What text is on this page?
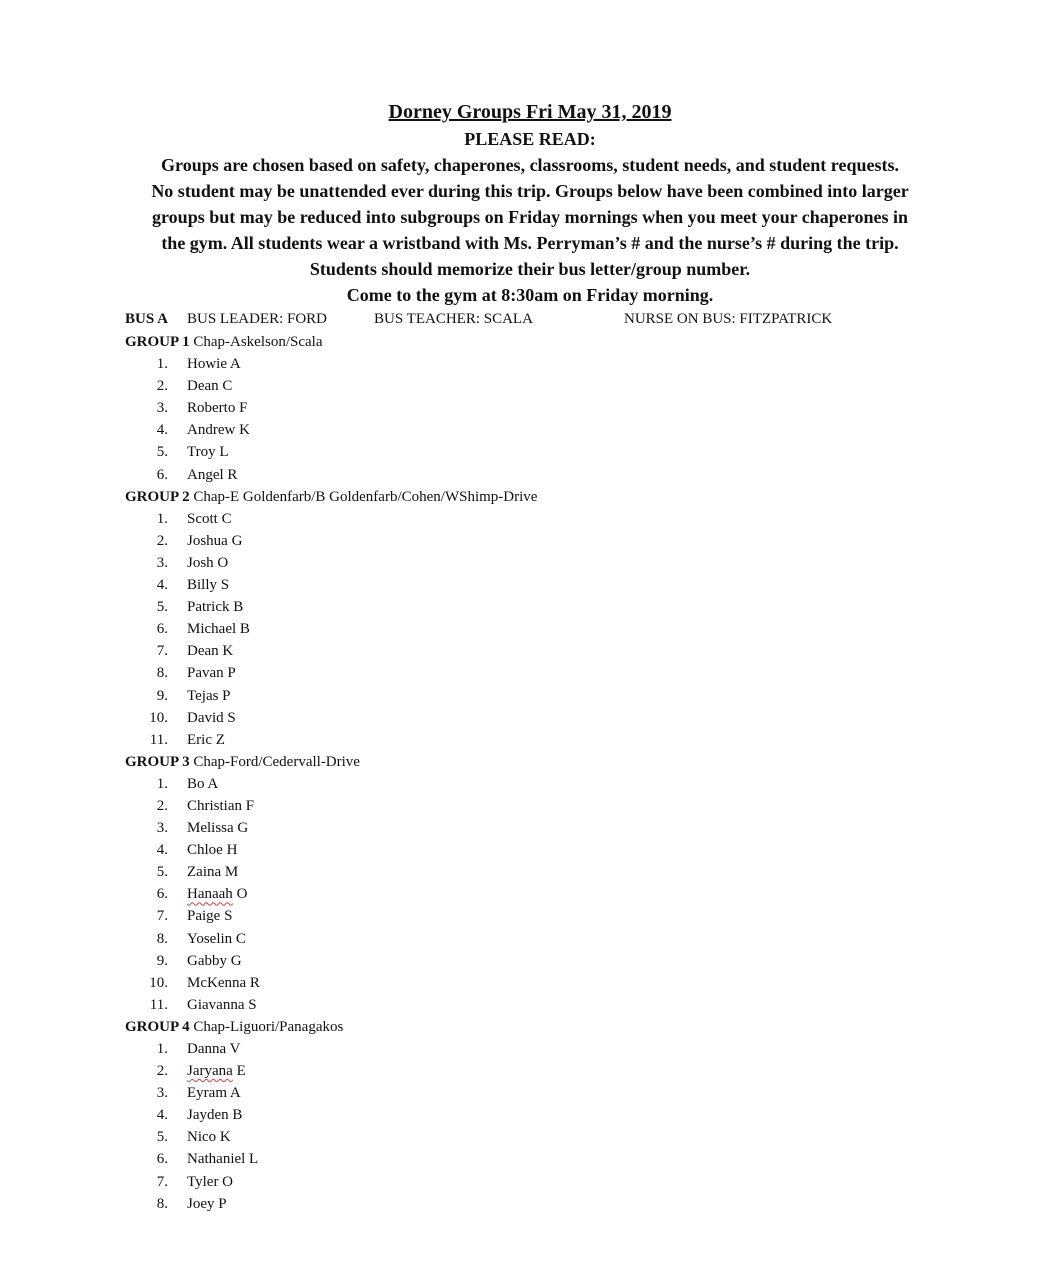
Dorney Groups Fri May 31, 2019
PLEASE READ:
Groups are chosen based on safety, chaperones, classrooms, student needs, and student requests.
No student may be unattended ever during this trip. Groups below have been combined into larger
groups but may be reduced into subgroups on Friday mornings when you meet your chaperones in
the gym. All students wear a wristband with Ms. Perryman’s # and the nurse’s # during the trip.
Students should memorize their bus letter/group number.
Come to the gym at 8:30am on Friday morning.
BUS A BUS LEADER: FORD	BUS TEACHER: SCALA	NURSE ON BUS: FITZPATRICK
GROUP 1 Chap-Askelson/Scala
1. Howie A
2. Dean C
3. Roberto F
4. Andrew K
5. Troy L
6. Angel R
GROUP 2 Chap-E Goldenfarb/B Goldenfarb/Cohen/WShimp-Drive
1. Scott C
2. Joshua G
3. Josh O
4. Billy S
5. Patrick B
6. Michael B
7. Dean K
8. Pavan P
9. Tejas P
10. David S
11. Eric Z
GROUP 3 Chap-Ford/Cedervall-Drive
1. Bo A
2. Christian F
3. Melissa G
4. Chloe H
5. Zaina M
6. Hanaah O
7. Paige S
8. Yoselin C
9. Gabby G
10. McKenna R
11. Giavanna S
GROUP 4 Chap-Liguori/Panagakos
1. Danna V
2. Jaryana E
3. Eyram A
4. Jayden B
5. Nico K
6. Nathaniel L
7. Tyler O
8. Joey P
